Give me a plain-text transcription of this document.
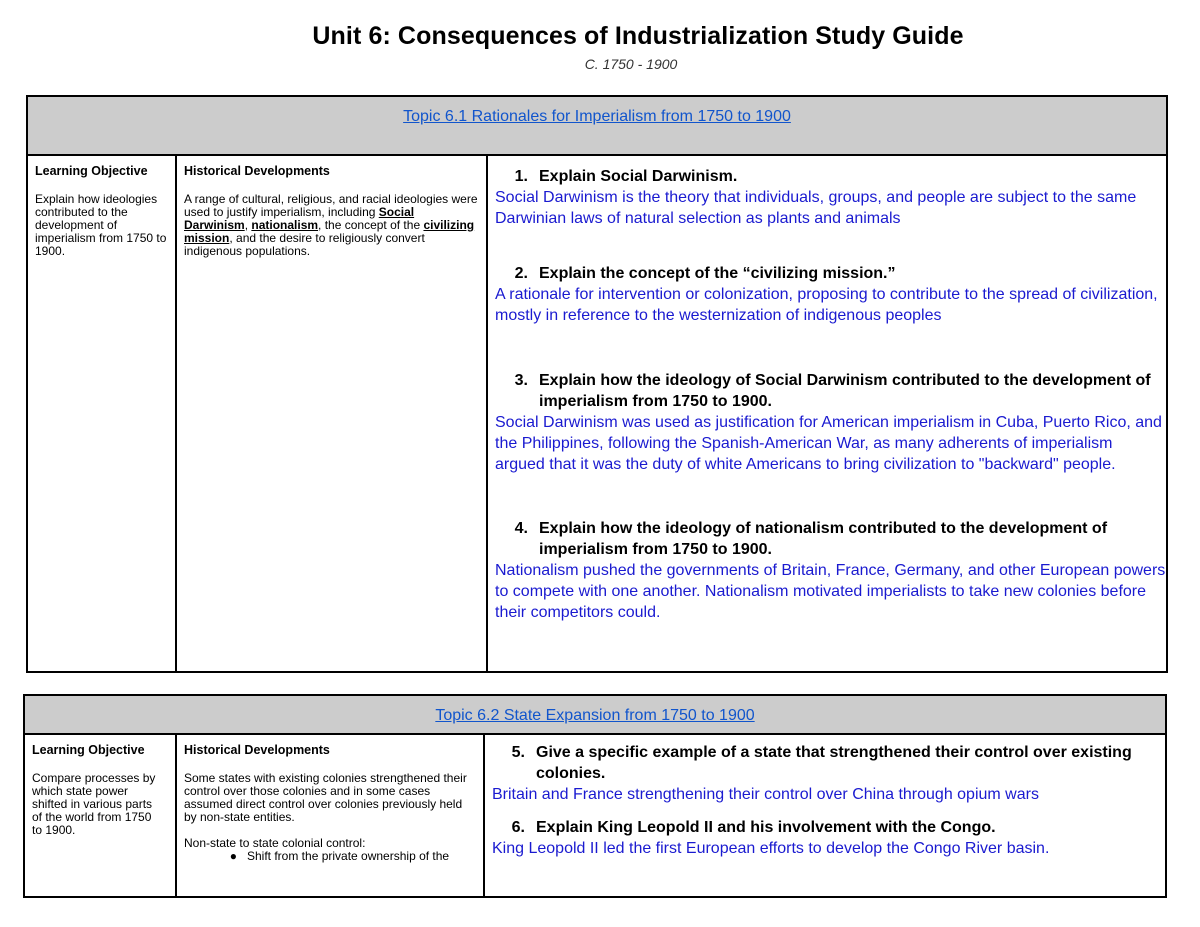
Unit 6: Consequences of Industrialization Study Guide
C. 1750 - 1900
Topic 6.1 Rationales for Imperialism from 1750 to 1900

Learning Objective

Explain how ideologies contributed to the development of imperialism from 1750 to 1900.

Historical Developments

A range of cultural, religious, and racial ideologies were used to justify imperialism, including Social Darwinism, nationalism, the concept of the civilizing mission, and the desire to religiously convert indigenous populations.

1. Explain Social Darwinism.

Social Darwinism is the theory that individuals, groups, and people are subject to the same Darwinian laws of natural selection as plants and animals

2. Explain the concept of the “civilizing mission.”

A rationale for intervention or colonization, proposing to contribute to the spread of civilization, mostly in reference to the westernization of indigenous peoples

3. Explain how the ideology of Social Darwinism contributed to the development of imperialism from 1750 to 1900.

Social Darwinism was used as justification for American imperialism in Cuba, Puerto Rico, and the Philippines, following the Spanish-American War, as many adherents of imperialism argued that it was the duty of white Americans to bring civilization to "backward" people.

4. Explain how the ideology of nationalism contributed to the development of imperialism from 1750 to 1900.

Nationalism pushed the governments of Britain, France, Germany, and other European powers to compete with one another. Nationalism motivated imperialists to take new colonies before their competitors could.

Topic 6.2 State Expansion from 1750 to 1900

Learning Objective

Compare processes by which state power shifted in various parts of the world from 1750 to 1900.

Historical Developments

Some states with existing colonies strengthened their control over those colonies and in some cases assumed direct control over colonies previously held by non-state entities.

Non-state to state colonial control:

● Shift from the private ownership of the

5. Give a specific example of a state that strengthened their control over existing colonies.

Britain and France strengthening their control over China through opium wars

6. Explain King Leopold II and his involvement with the Congo.

King Leopold II led the first European efforts to develop the Congo River basin.
